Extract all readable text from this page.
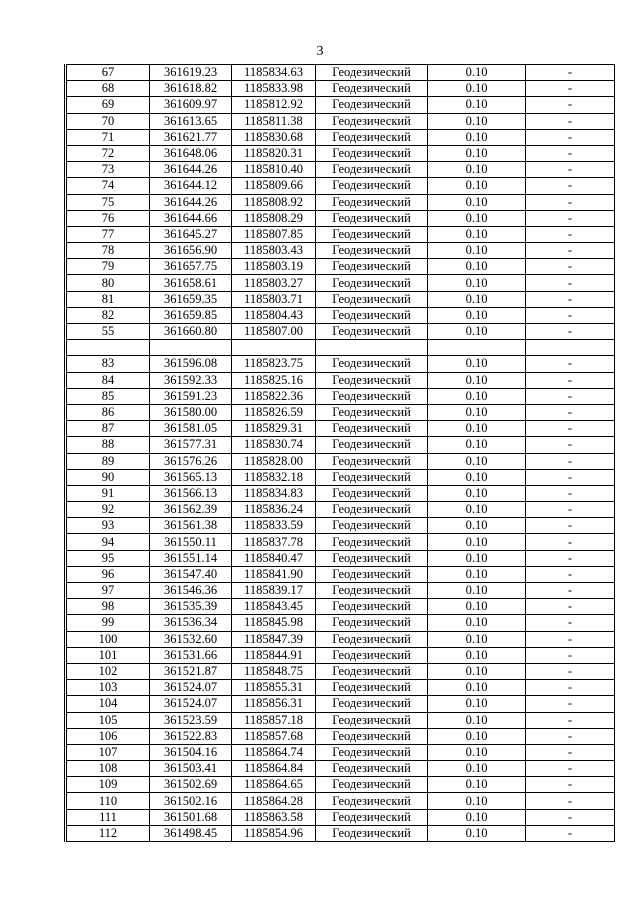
3
67	361619.23	1185834.63	Геодезический	0.10	-
68	361618.82	1185833.98	Геодезический	0.10	-
69	361609.97	1185812.92	Геодезический	0.10	-
70	361613.65	1185811.38	Геодезический	0.10	-
71	361621.77	1185830.68	Геодезический	0.10	-
72	361648.06	1185820.31	Геодезический	0.10	-
73	361644.26	1185810.40	Геодезический	0.10	-
74	361644.12	1185809.66	Геодезический	0.10	-
75	361644.26	1185808.92	Геодезический	0.10	-
76	361644.66	1185808.29	Геодезический	0.10	-
77	361645.27	1185807.85	Геодезический	0.10	-
78	361656.90	1185803.43	Геодезический	0.10	-
79	361657.75	1185803.19	Геодезический	0.10	-
80	361658.61	1185803.27	Геодезический	0.10	-
81	361659.35	1185803.71	Геодезический	0.10	-
82	361659.85	1185804.43	Геодезический	0.10	-
55	361660.80	1185807.00	Геодезический	0.10	-

83	361596.08	1185823.75	Геодезический	0.10	-
84	361592.33	1185825.16	Геодезический	0.10	-
85	361591.23	1185822.36	Геодезический	0.10	-
86	361580.00	1185826.59	Геодезический	0.10	-
87	361581.05	1185829.31	Геодезический	0.10	-
88	361577.31	1185830.74	Геодезический	0.10	-
89	361576.26	1185828.00	Геодезический	0.10	-
90	361565.13	1185832.18	Геодезический	0.10	-
91	361566.13	1185834.83	Геодезический	0.10	-
92	361562.39	1185836.24	Геодезический	0.10	-
93	361561.38	1185833.59	Геодезический	0.10	-
94	361550.11	1185837.78	Геодезический	0.10	-
95	361551.14	1185840.47	Геодезический	0.10	-
96	361547.40	1185841.90	Геодезический	0.10	-
97	361546.36	1185839.17	Геодезический	0.10	-
98	361535.39	1185843.45	Геодезический	0.10	-
99	361536.34	1185845.98	Геодезический	0.10	-
100	361532.60	1185847.39	Геодезический	0.10	-
101	361531.66	1185844.91	Геодезический	0.10	-
102	361521.87	1185848.75	Геодезический	0.10	-
103	361524.07	1185855.31	Геодезический	0.10	-
104	361524.07	1185856.31	Геодезический	0.10	-
105	361523.59	1185857.18	Геодезический	0.10	-
106	361522.83	1185857.68	Геодезический	0.10	-
107	361504.16	1185864.74	Геодезический	0.10	-
108	361503.41	1185864.84	Геодезический	0.10	-
109	361502.69	1185864.65	Геодезический	0.10	-
110	361502.16	1185864.28	Геодезический	0.10	-
111	361501.68	1185863.58	Геодезический	0.10	-
112	361498.45	1185854.96	Геодезический	0.10	-
